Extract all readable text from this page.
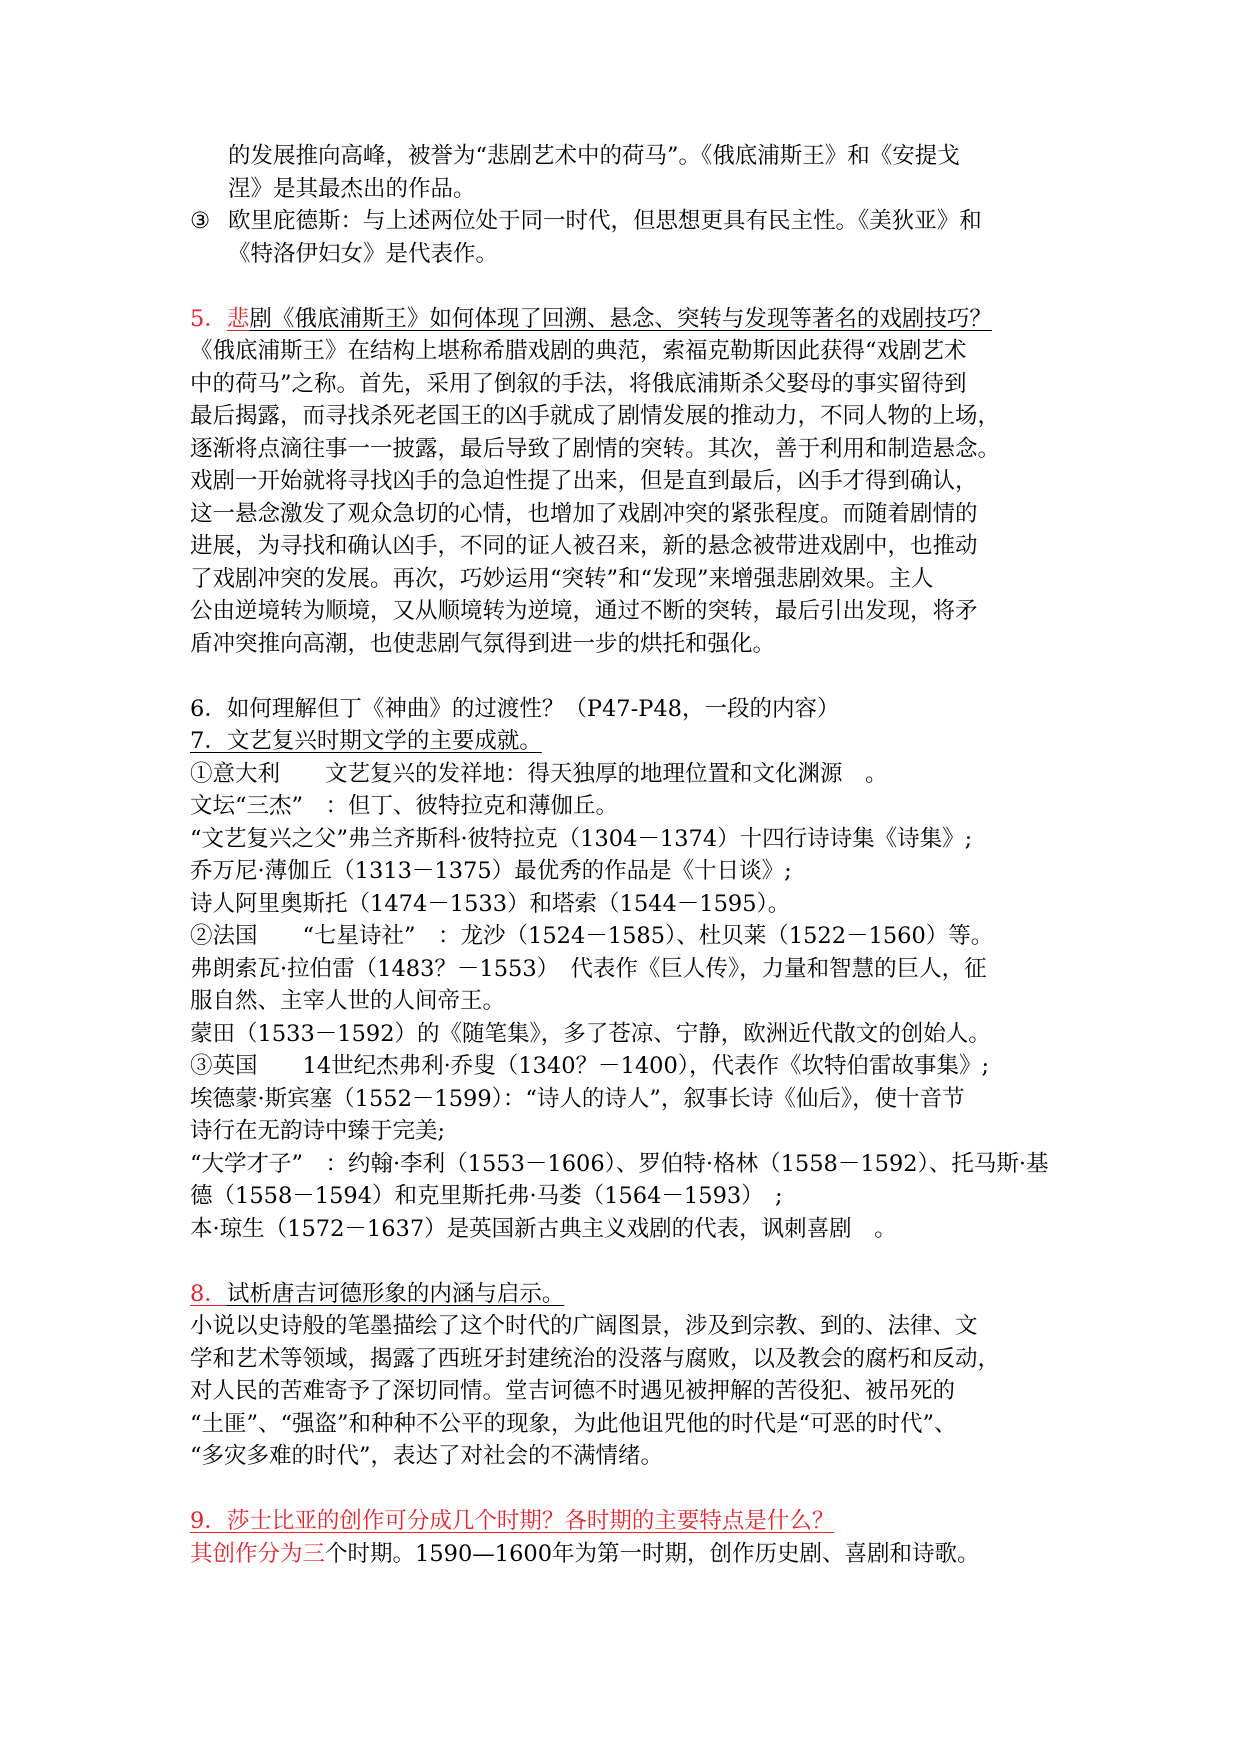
的发展推向高峰，被誉为“悲剧艺术中的荷马”。《俄底浦斯王》和《安提戈
涅》是其最杰出的作品。
③ 欧里庇德斯：与上述两位处于同一时代，但思想更具有民主性。《美狄亚》和
《特洛伊妇女》是代表作。
5．悲剧《俄底浦斯王》如何体现了回溯、悬念、突转与发现等著名的戏剧技巧？
《俄底浦斯王》在结构上堪称希腊戏剧的典范，索福克勒斯因此获得“戏剧艺术
中的荷马”之称。首先，采用了倒叙的手法，将俄底浦斯杀父娶母的事实留待到
最后揭露，而寻找杀死老国王的凶手就成了剧情发展的推动力，不同人物的上场，
逐渐将点滴往事一一披露，最后导致了剧情的突转。其次，善于利用和制造悬念。
戏剧一开始就将寻找凶手的急迫性提了出来，但是直到最后，凶手才得到确认，
这一悬念激发了观众急切的心情，也增加了戏剧冲突的紧张程度。而随着剧情的
进展，为寻找和确认凶手，不同的证人被召来，新的悬念被带进戏剧中，也推动
了戏剧冲突的发展。再次，巧妙运用“突转”和“发现”来增强悲剧效果。主人
公由逆境转为顺境，又从顺境转为逆境，通过不断的突转，最后引出发现，将矛
盾冲突推向高潮，也使悲剧气氛得到进一步的烘托和强化。
6．如何理解但丁《神曲》的过渡性？（P47-P48，一段的内容）
7．文艺复兴时期文学的主要成就。
①意大利　　文艺复兴的发祥地：得天独厚的地理位置和文化渊源　。
文坛“三杰”　：但丁、彼特拉克和薄伽丘。
“文艺复兴之父”弗兰齐斯科·彼特拉克（1304－1374）十四行诗诗集《诗集》;
乔万尼·薄伽丘（1313－1375）最优秀的作品是《十日谈》;
诗人阿里奥斯托（1474－1533）和塔索（1544－1595）。
②法国　　“七星诗社”　：龙沙（1524－1585）、杜贝莱（1522－1560）等。
弗朗索瓦·拉伯雷（1483？－1553）　代表作《巨人传》，力量和智慧的巨人，征
服自然、主宰人世的人间帝王。
蒙田（1533－1592）的《随笔集》，多了苍凉、宁静，欧洲近代散文的创始人。
③英国　　14世纪杰弗利·乔叟（1340？－1400），代表作《坎特伯雷故事集》;
埃德蒙·斯宾塞（1552－1599）：“诗人的诗人”，叙事长诗《仙后》，使十音节
诗行在无韵诗中臻于完美;
“大学才子”　：约翰·李利（1553－1606）、罗伯特·格林（1558－1592）、托马斯·基
德（1558－1594）和克里斯托弗·马娄（1564－1593）　;
本·琼生（1572－1637）是英国新古典主义戏剧的代表，讽刺喜剧　。
8．试析唐吉诃德形象的内涵与启示。
小说以史诗般的笔墨描绘了这个时代的广阔图景，涉及到宗教、到的、法律、文
学和艺术等领域，揭露了西班牙封建统治的没落与腐败，以及教会的腐朽和反动，
对人民的苦难寄予了深切同情。堂吉诃德不时遇见被押解的苦役犯、被吊死的
“土匪”、“强盗”和种种不公平的现象，为此他诅咒他的时代是“可恶的时代”、
“多灾多难的时代”，表达了对社会的不满情绪。
9．莎士比亚的创作可分成几个时期？各时期的主要特点是什么？
其创作分为三个时期。1590—1600年为第一时期，创作历史剧、喜剧和诗歌。
